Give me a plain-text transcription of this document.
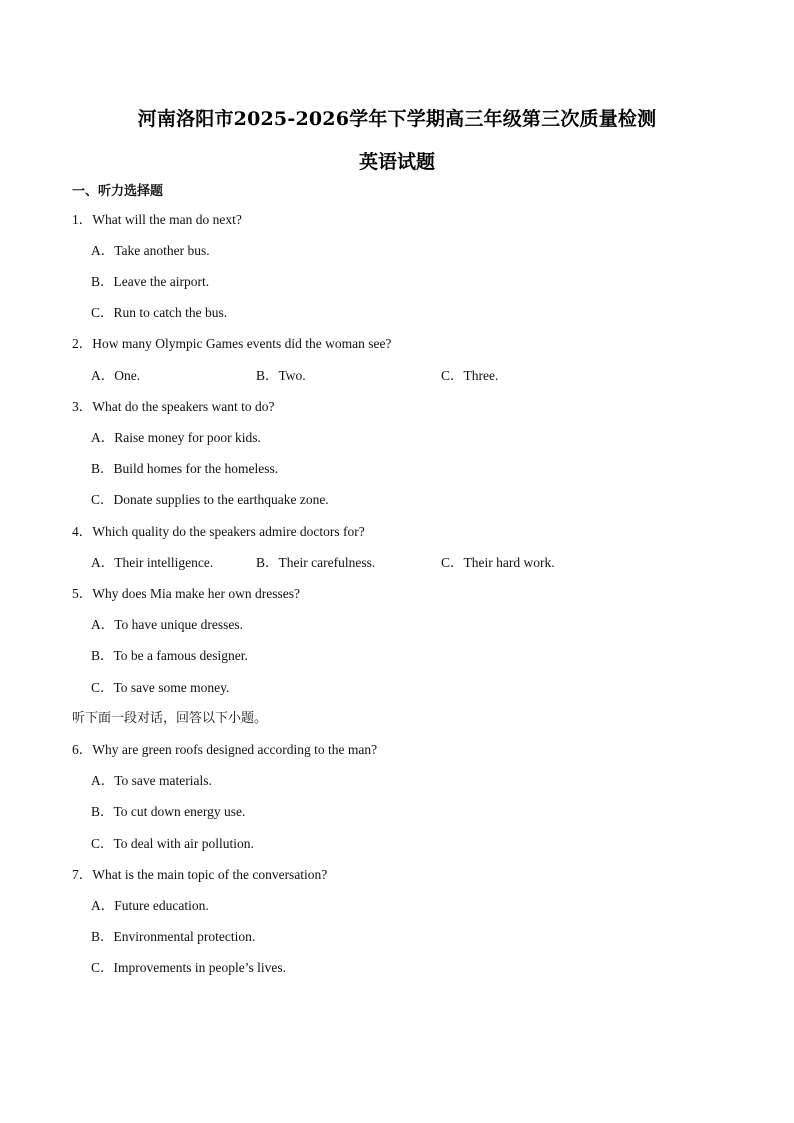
河南洛阳市2025-2026学年下学期高三年级第三次质量检测
英语试题
一、听力选择题
1．What will the man do next?
A．Take another bus.
B．Leave the airport.
C．Run to catch the bus.
2．How many Olympic Games events did the woman see?
A．One.	B．Two.	C．Three.
3．What do the speakers want to do?
A．Raise money for poor kids.
B．Build homes for the homeless.
C．Donate supplies to the earthquake zone.
4．Which quality do the speakers admire doctors for?
A．Their intelligence.	B．Their carefulness.	C．Their hard work.
5．Why does Mia make her own dresses?
A．To have unique dresses.
B．To be a famous designer.
C．To save some money.
听下面一段对话，回答以下小题。
6．Why are green roofs designed according to the man?
A．To save materials.
B．To cut down energy use.
C．To deal with air pollution.
7．What is the main topic of the conversation?
A．Future education.
B．Environmental protection.
C．Improvements in people’s lives.
